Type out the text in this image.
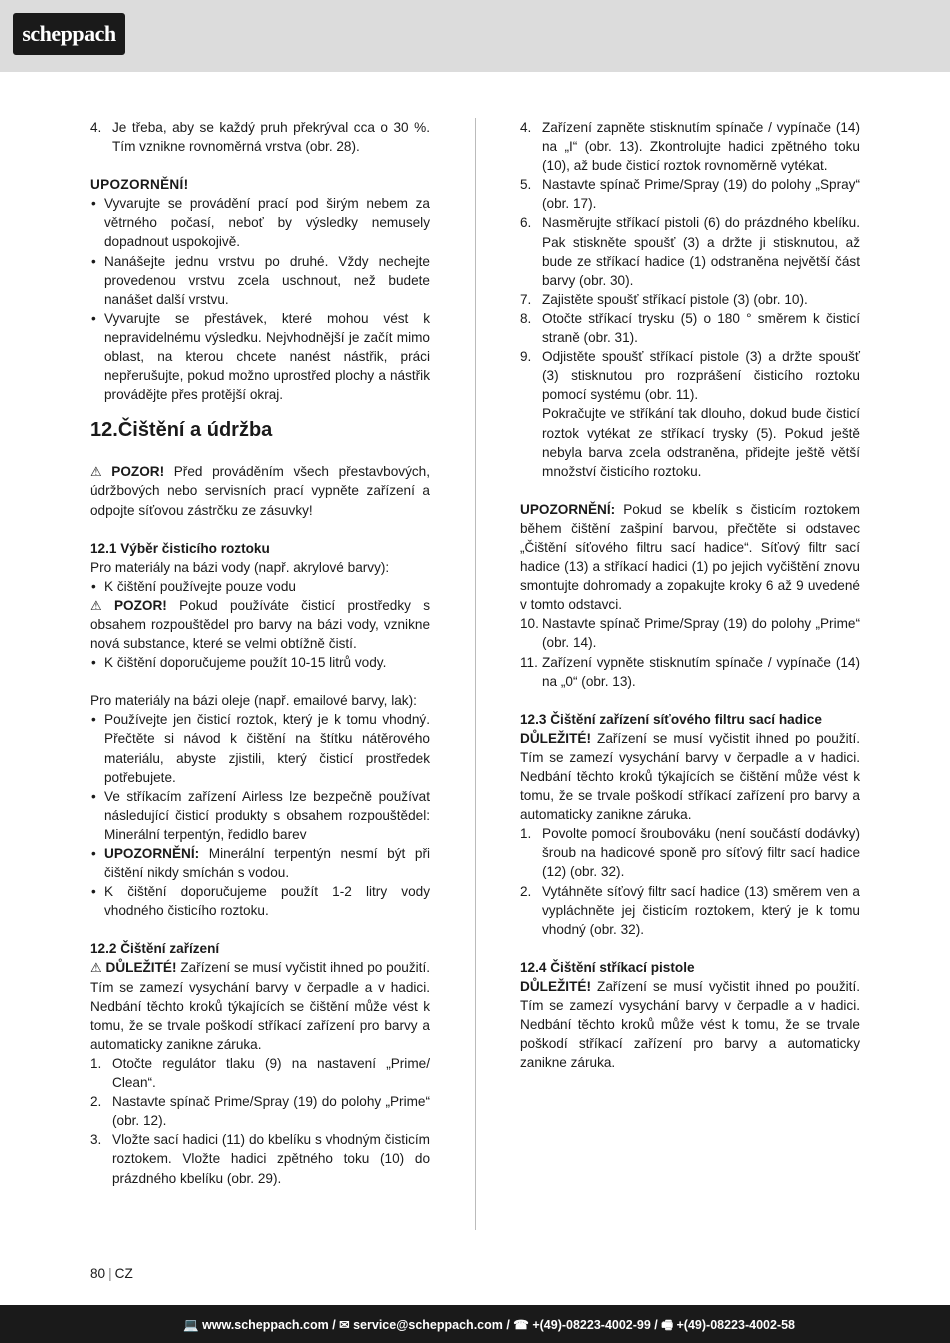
scheppach
4. Je třeba, aby se každý pruh překrýval cca o 30 %. Tím vznikne rovnoměrná vrstva (obr. 28).

UPOZORNĚNÍ!

• Vyvarujte se provádění prací pod širým nebem za větrného počasí, neboť by výsledky nemusely dopadnout uspokojivě.
• Nanášejte jednu vrstvu po druhé. Vždy nechejte provedenou vrstvu zcela uschnout, než budete nanášet další vrstvu.
• Vyvarujte se přestávek, které mohou vést k nepravidelnému výsledku. Nejvhodnější je začít mimo oblast, na kterou chcete nanést nástřik, práci nepřerušujte, pokud možno uprostřed plochy a nástřik provádějte přes protější okraj.
12.Čištění a údržba

⚠ POZOR! Před prováděním všech přestavbových, údržbových nebo servisních prací vypněte zařízení a odpojte síťovou zástrčku ze zásuvky!

12.1 Výběr čisticího roztoku

Pro materiály na bázi vody (např. akrylové barvy):

• K čištění používejte pouze vodu

⚠ POZOR! Pokud používáte čisticí prostředky s obsahem rozpouštědel pro barvy na bázi vody, vznikne nová substance, které se velmi obtížně čistí.

• K čištění doporučujeme použít 10-15 litrů vody.

Pro materiály na bázi oleje (např. emailové barvy, lak):

• Používejte jen čisticí roztok, který je k tomu vhodný. Přečtěte si návod k čištění na štítku nátěrového materiálu, abyste zjistili, který čisticí prostředek potřebujete.
• Ve stříkacím zařízení Airless lze bezpečně používat následující čisticí produkty s obsahem rozpouštědel: Minerální terpentýn, ředidlo barev
• UPOZORNĚNÍ: Minerální terpentýn nesmí být při čištění nikdy smíchán s vodou.
• K čištění doporučujeme použít 1-2 litry vody vhodného čisticího roztoku.

12.2 Čištění zařízení

⚠ DŮLEŽITÉ! Zařízení se musí vyčistit ihned po použití. Tím se zamezí vysychání barvy v čerpadle a v hadici. Nedbání těchto kroků týkajících se čištění může vést k tomu, že se trvale poškodí stříkací zařízení pro barvy a automaticky zanikne záruka.

1. Otočte regulátor tlaku (9) na nastavení „Prime/ Clean“.
2. Nastavte spínač Prime/Spray (19) do polohy „Prime“ (obr. 12).
3. Vložte sací hadici (11) do kbelíku s vhodným čisticím roztokem. Vložte hadici zpětného toku (10) do prázdného kbelíku (obr. 29).
4. Zařízení zapněte stisknutím spínače / vypínače (14) na „I“ (obr. 13). Zkontrolujte hadici zpětného toku (10), až bude čisticí roztok rovnoměrně vytékat.
5. Nastavte spínač Prime/Spray (19) do polohy „Spray“ (obr. 17).
6. Nasměrujte stříkací pistoli (6) do prázdného kbelíku. Pak stiskněte spoušť (3) a držte ji stisknutou, až bude ze stříkací hadice (1) odstraněna největší část barvy (obr. 30).
7. Zajistěte spoušť stříkací pistole (3) (obr. 10).
8. Otočte stříkací trysku (5) o 180 ° směrem k čisticí straně (obr. 31).
9. Odjistěte spoušť stříkací pistole (3) a držte spoušť (3) stisknutou pro rozprášení čisticího roztoku pomocí systému (obr. 11).
Pokračujte ve stříkání tak dlouho, dokud bude čisticí roztok vytékat ze stříkací trysky (5). Pokud ještě nebyla barva zcela odstraněna, přidejte ještě větší množství čisticího roztoku.

UPOZORNĚNÍ: Pokud se kbelík s čisticím roztokem během čištění zašpiní barvou, přečtěte si odstavec „Čištění síťového filtru sací hadice“. Síťový filtr sací hadice (13) a stříkací hadici (1) po jejich vyčištění znovu smontujte dohromady a zopakujte kroky 6 až 9 uvedené v tomto odstavci.

10. Nastavte spínač Prime/Spray (19) do polohy „Prime“ (obr. 14).
11. Zařízení vypněte stisknutím spínače / vypínače (14) na „0“ (obr. 13).

12.3 Čištění zařízení síťového filtru sací hadice

DŮLEŽITÉ! Zařízení se musí vyčistit ihned po použití. Tím se zamezí vysychání barvy v čerpadle a v hadici. Nedbání těchto kroků týkajících se čištění může vést k tomu, že se trvale poškodí stříkací zařízení pro barvy a automaticky zanikne záruka.

1. Povolte pomocí šroubováku (není součástí dodávky) šroub na hadicové sponě pro síťový filtr sací hadice (12) (obr. 32).
2. Vytáhněte síťový filtr sací hadice (13) směrem ven a vypláchněte jej čisticím roztokem, který je k tomu vhodný (obr. 32).

12.4 Čištění stříkací pistole

DŮLEŽITÉ! Zařízení se musí vyčistit ihned po použití. Tím se zamezí vysychání barvy v čerpadle a v hadici. Nedbání těchto kroků může vést k tomu, že se trvale poškodí stříkací zařízení pro barvy a automaticky zanikne záruka.

80 | CZ
💻 www.scheppach.com / ✉ service@scheppach.com / ☎ +(49)-08223-4002-99 / 🖷 +(49)-08223-4002-58
